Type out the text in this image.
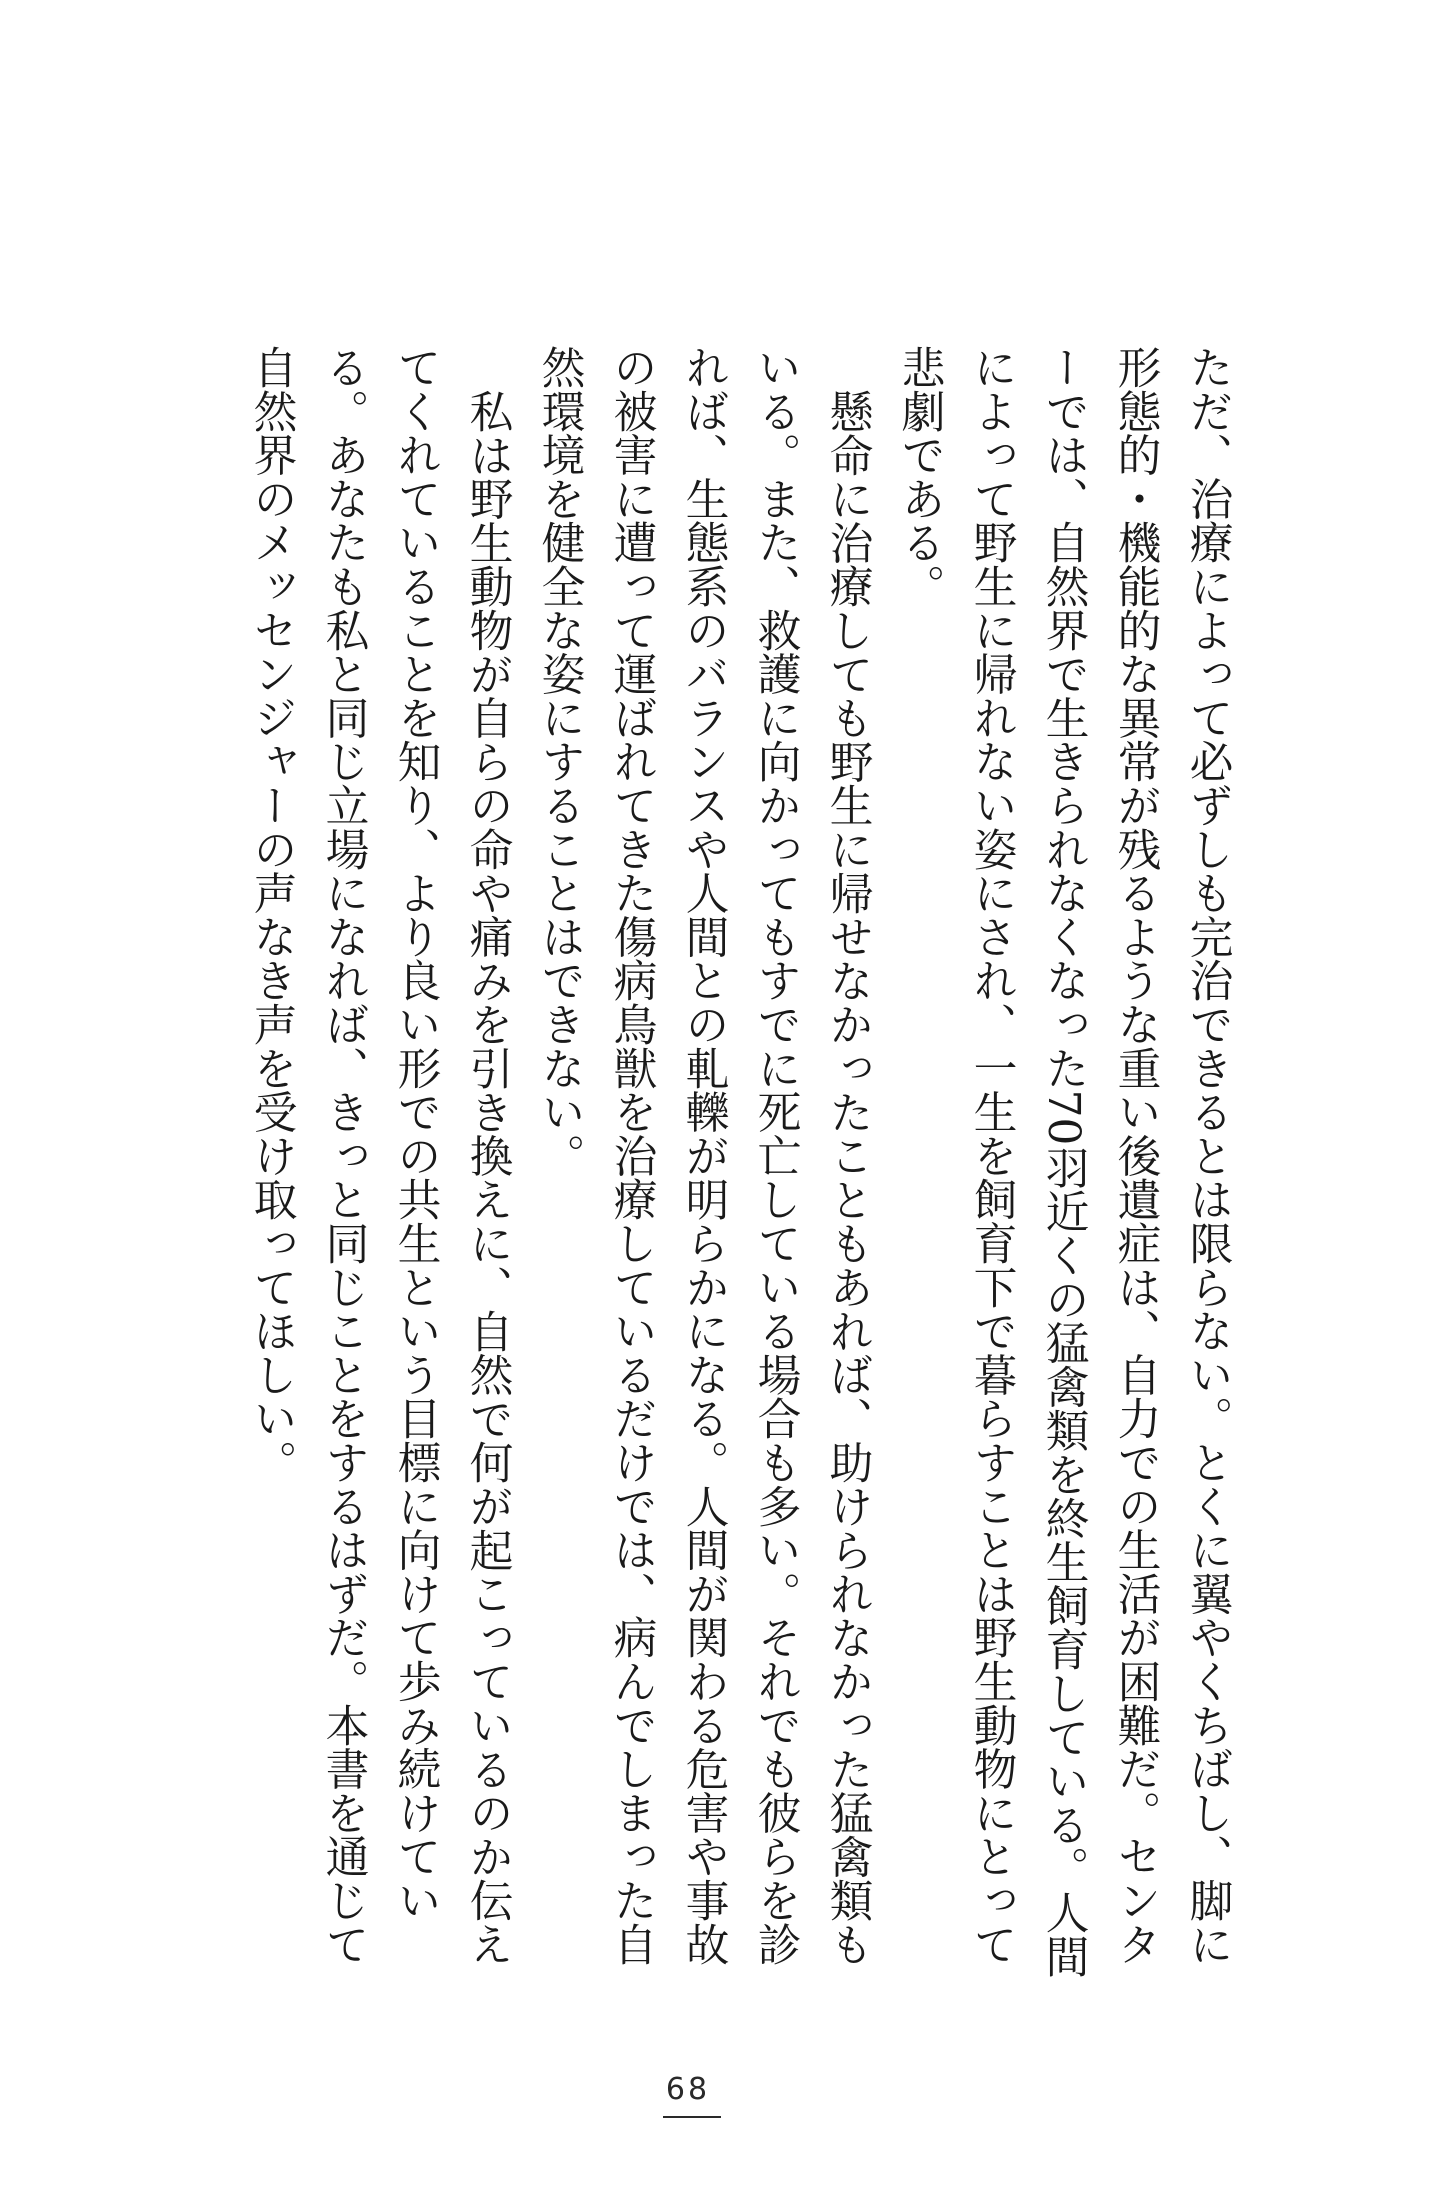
ただ、治療によって必ずしも完治できるとは限らない。とくに翼やくちばし、脚に形態的・機能的な異常が残るような重い後遺症は、自力での生活が困難だ。センターでは、自然界で生きられなくなった70羽近くの猛禽類を終生飼育している。人間によって野生に帰れない姿にされ、一生を飼育下で暮らすことは野生動物にとって悲劇である。

懸命に治療しても野生に帰せなかったこともあれば、助けられなかった猛禽類もいる。また、救護に向かってもすでに死亡している場合も多い。それでも彼らを診れば、生態系のバランスや人間との軋轢が明らかになる。人間が関わる危害や事故の被害に遭って運ばれてきた傷病鳥獣を治療しているだけでは、病んでしまった自然環境を健全な姿にすることはできない。

私は野生動物が自らの命や痛みを引き換えに、自然で何が起こっているのか伝えてくれていることを知り、より良い形での共生という目標に向けて歩み続けている。あなたも私と同じ立場になれば、きっと同じことをするはずだ。本書を通じて自然界のメッセンジャーの声なき声を受け取ってほしい。

68
